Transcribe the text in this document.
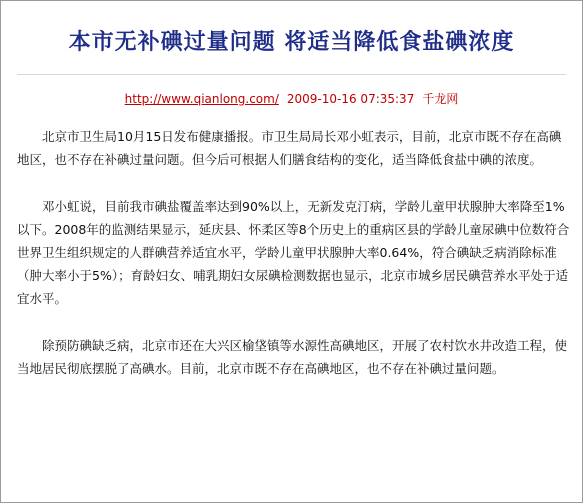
本市无补碘过量问题 将适当降低食盐碘浓度
http://www.qianlong.com/ 2009-10-16 07:35:37 千龙网

北京市卫生局10月15日发布健康播报。市卫生局局长邓小虹表示，目前，北京市既不存在高碘地区，也不存在补碘过量问题。但今后可根据人们膳食结构的变化，适当降低食盐中碘的浓度。

邓小虹说，目前我市碘盐覆盖率达到90%以上，无新发克汀病，学龄儿童甲状腺肿大率降至1%以下。2008年的监测结果显示，延庆县、怀柔区等8个历史上的重病区县的学龄儿童尿碘中位数符合世界卫生组织规定的人群碘营养适宜水平，学龄儿童甲状腺肿大率0.64%，符合碘缺乏病消除标准（肿大率小于5%）；育龄妇女、哺乳期妇女尿碘检测数据也显示，北京市城乡居民碘营养水平处于适宜水平。

除预防碘缺乏病，北京市还在大兴区榆垡镇等水源性高碘地区，开展了农村饮水井改造工程，使当地居民彻底摆脱了高碘水。目前，北京市既不存在高碘地区，也不存在补碘过量问题。
